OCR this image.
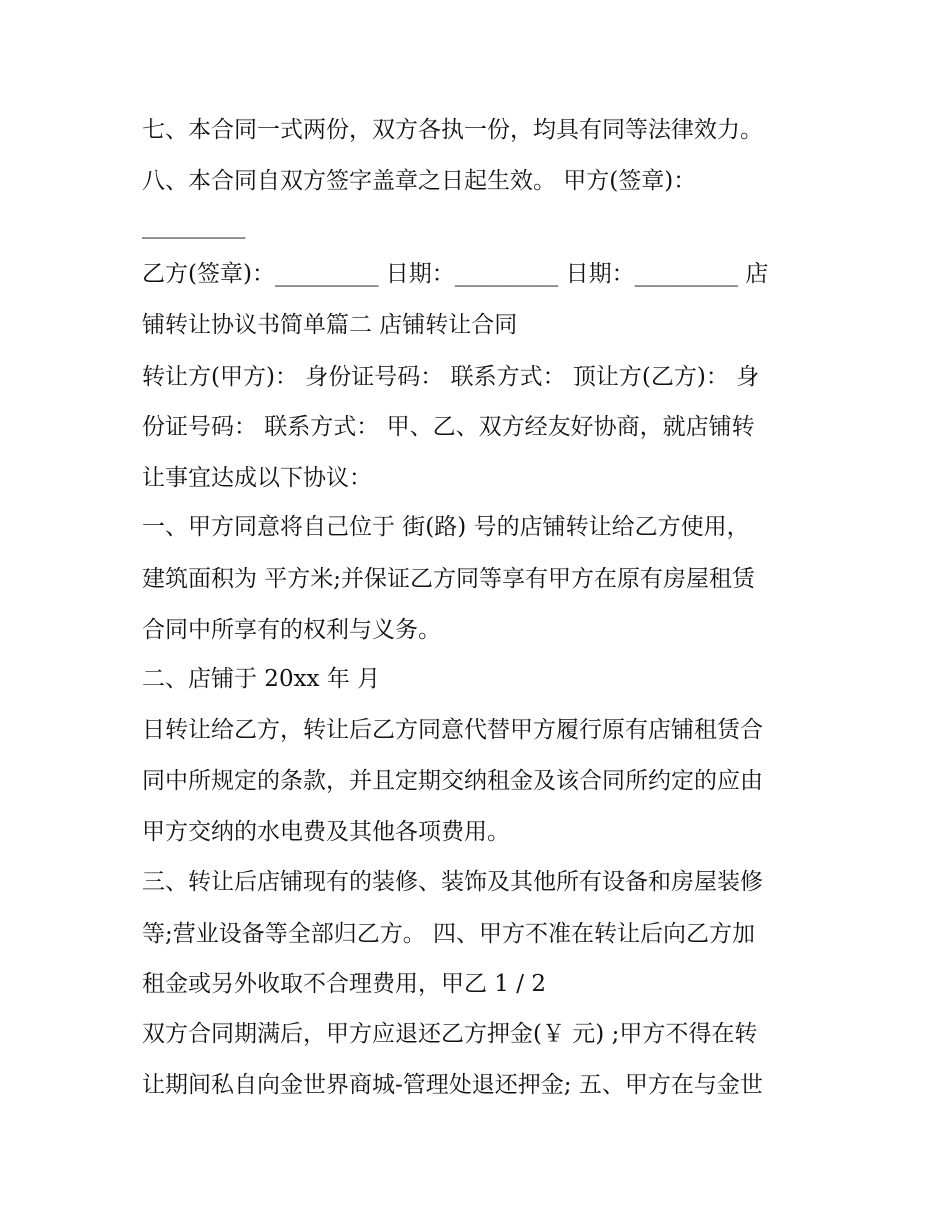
七、本合同一式两份，双方各执一份，均具有同等法律效力。
八、本合同自双方签字盖章之日起生效。 甲方(签章)：
_________
乙方(签章)：_________ 日期：_________ 日期：_________ 店
铺转让协议书简单篇二 店铺转让合同
转让方(甲方)： 身份证号码： 联系方式： 顶让方(乙方)： 身
份证号码： 联系方式： 甲、乙、双方经友好协商，就店铺转
让事宜达成以下协议：
一、甲方同意将自己位于 街(路) 号的店铺转让给乙方使用，
建筑面积为 平方米;并保证乙方同等享有甲方在原有房屋租赁
合同中所享有的权利与义务。
二、店铺于 20xx 年 月
日转让给乙方，转让后乙方同意代替甲方履行原有店铺租赁合
同中所规定的条款，并且定期交纳租金及该合同所约定的应由
甲方交纳的水电费及其他各项费用。
三、转让后店铺现有的装修、装饰及其他所有设备和房屋装修
等;营业设备等全部归乙方。 四、甲方不准在转让后向乙方加
租金或另外收取不合理费用，甲乙 1 / 2
双方合同期满后，甲方应退还乙方押金(￥ 元) ;甲方不得在转
让期间私自向金世界商城-管理处退还押金; 五、甲方在与金世
